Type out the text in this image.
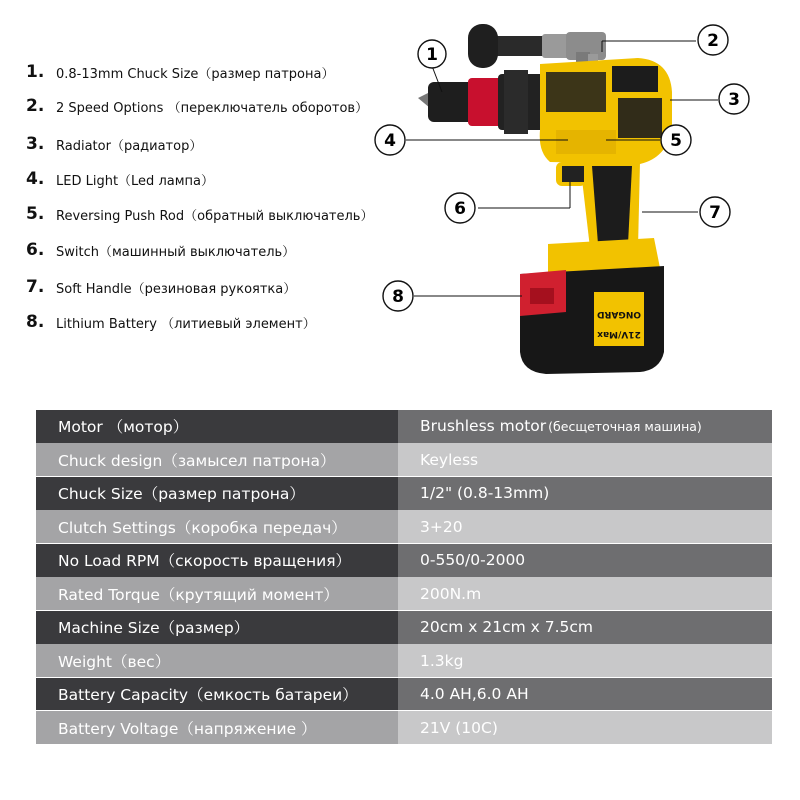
1. 0.8-13mm Chuck Size（размер патрона）
2. 2 Speed Options （переключатель оборотов）
3. Radiator（радиатор）
4. LED Light（Led лампа）
5. Reversing Push Rod（обратный выключатель）
6. Switch（машинный выключатель）
7. Soft Handle（резиновая рукоятка）
8. Lithium Battery （литиевый элемент）
ONGARD
21V/Max
1
2
3
4	5
6	7
8
Motor （мотор）	Brushless motor (бесщеточная машина)
Chuck design（замысел патрона）	Keyless
Chuck Size（размер патрона）	1/2" (0.8-13mm)
Clutch Settings（коробка передач）	3+20
No Load RPM（скорость вращения）	0-550/0-2000
Rated Torque（крутящий момент）	200N.m
Machine Size（размер）	20cm x 21cm x 7.5cm
Weight（вес）	1.3kg
Battery Capacity（емкость батареи）	4.0 AH,6.0 AH
Battery Voltage（напряжение ）	21V (10C)
